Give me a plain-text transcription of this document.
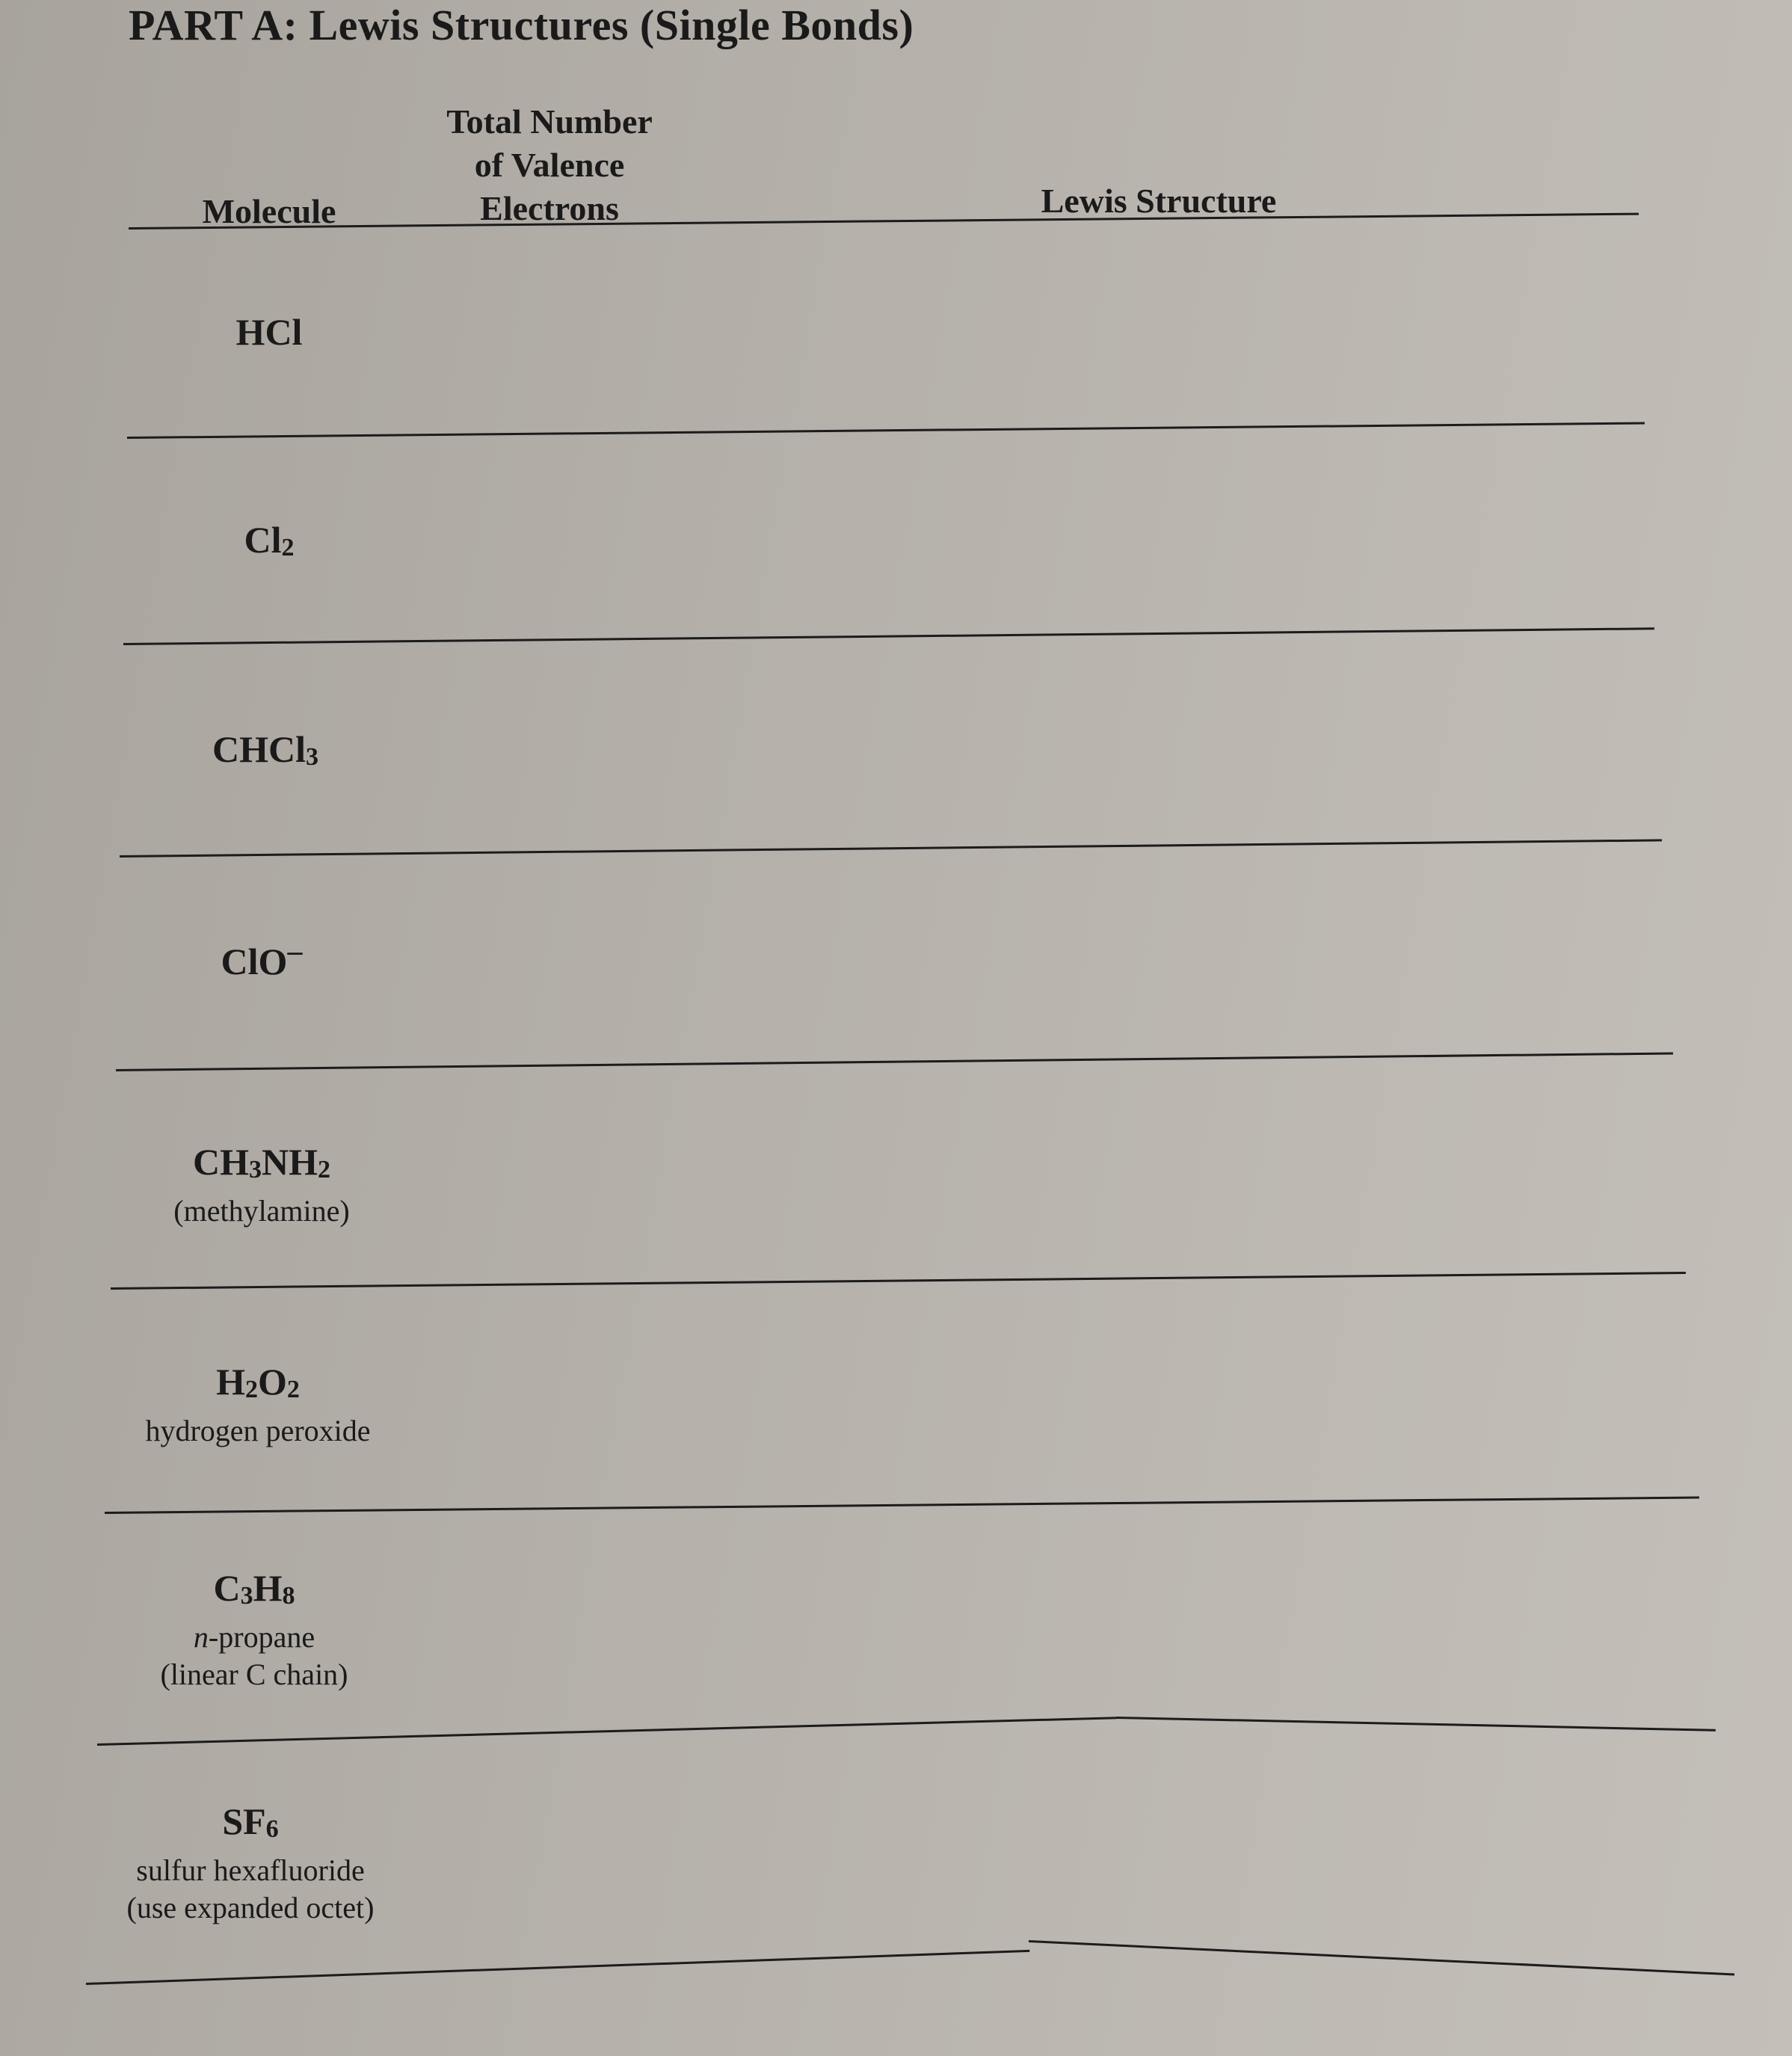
PART A: Lewis Structures (Single Bonds)
Molecule
Total Number
of Valence
Electrons	Lewis Structure
HCl
$Cl_2$
CHCl$_3$
ClO–
$CH_3NH_2$
(methylamine)
$H_2O_2$
hydrogen peroxide
$C_3H_8$
n-propane
(linear C chain)
$SF_6$
sulfur hexafluoride
(use expanded octet)
